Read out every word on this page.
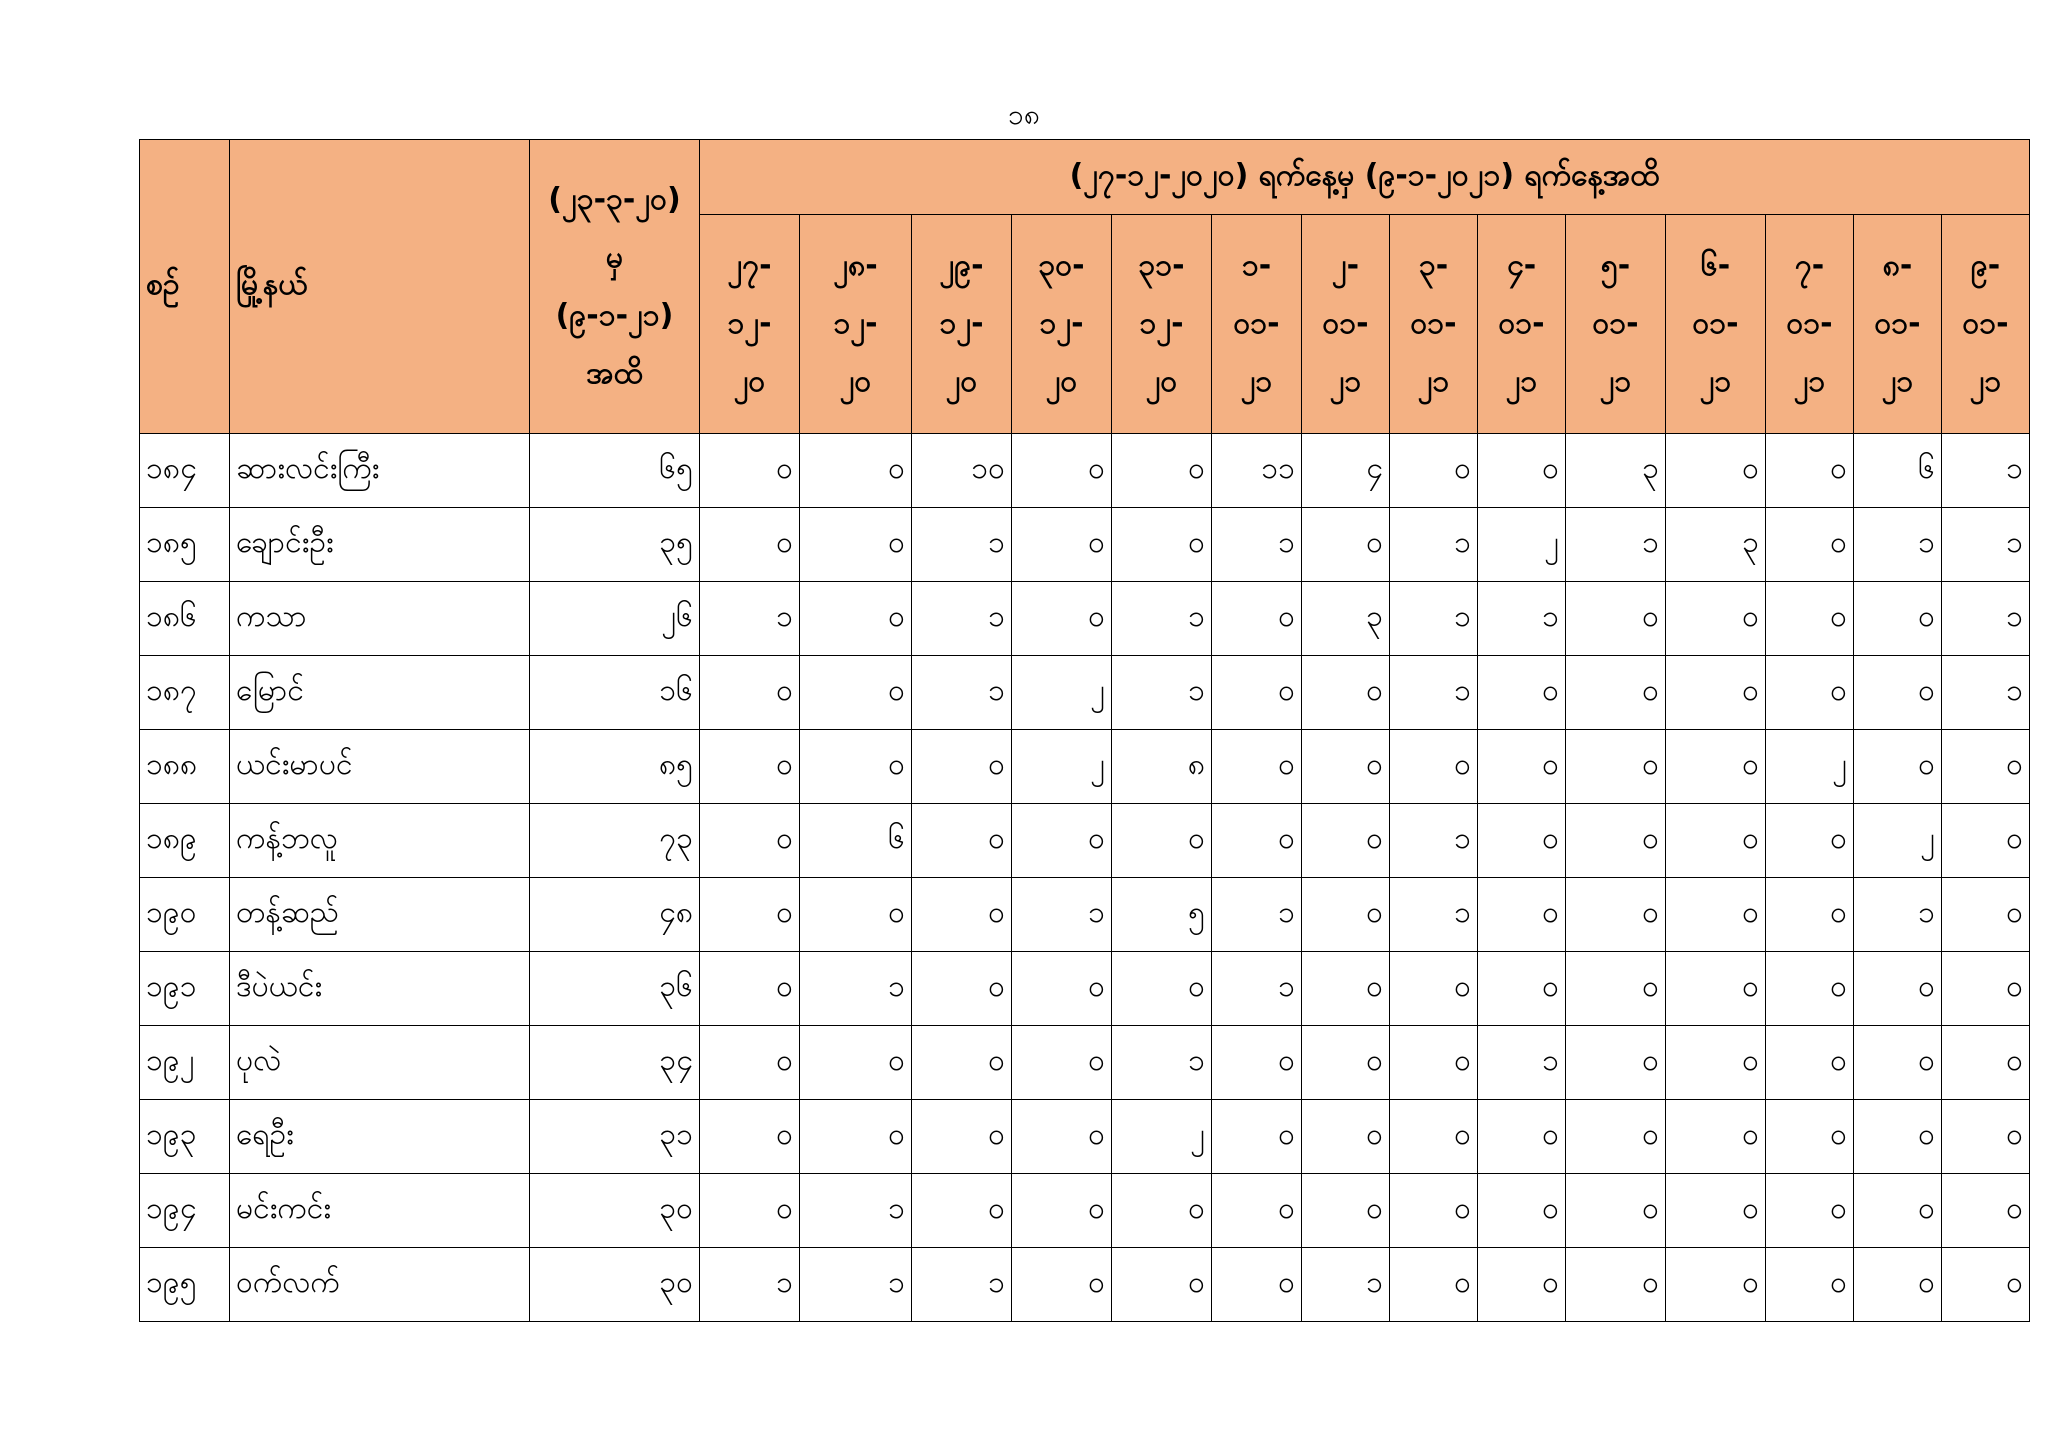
၁၈
စဉ်	မြို့နယ်	(၂၃-၃-၂၀)
မှ
(၉-၁-၂၁)
အထိ	(၂၇-၁၂-၂၀၂၀) ရက်နေ့မှ (၉-၁-၂၀၂၁) ရက်နေ့အထိ													
			၂၇-
၁၂-
၂၀	၂၈-
၁၂-
၂၀	၂၉-
၁၂-
၂၀	၃၀-
၁၂-
၂၀	၃၁-
၁၂-
၂၀	၁-
၀၁-
၂၁	၂-
၀၁-
၂၁	၃-
၀၁-
၂၁	၄-
၀၁-
၂၁	၅-
၀၁-
၂၁	၆-
၀၁-
၂၁	၇-
၀၁-
၂၁	၈-
၀၁-
၂၁	၉-
၀၁-
၂၁
၁၈၄	ဆားလင်းကြီး	၆၅	၀	၀	၁၀	၀	၀	၁၁	၄	၀	၀	၃	၀	၀	၆	၁
၁၈၅	ချောင်းဦး	၃၅	၀	၀	၁	၀	၀	၁	၀	၁	၂	၁	၃	၀	၁	၁
၁၈၆	ကသာ	၂၆	၁	၀	၁	၀	၁	၀	၃	၁	၁	၀	၀	၀	၀	၁
၁၈၇	မြောင်	၁၆	၀	၀	၁	၂	၁	၀	၀	၁	၀	၀	၀	၀	၀	၁
၁၈၈	ယင်းမာပင်	၈၅	၀	၀	၀	၂	၈	၀	၀	၀	၀	၀	၀	၂	၀	၀
၁၈၉	ကန့်ဘလူ	၇၃	၀	၆	၀	၀	၀	၀	၀	၁	၀	၀	၀	၀	၂	၀
၁၉၀	တန့်ဆည်	၄၈	၀	၀	၀	၁	၅	၁	၀	၁	၀	၀	၀	၀	၁	၀
၁၉၁	ဒီပဲယင်း	၃၆	၀	၁	၀	၀	၀	၁	၀	၀	၀	၀	၀	၀	၀	၀
၁၉၂	ပုလဲ	၃၄	၀	၀	၀	၀	၁	၀	၀	၀	၁	၀	၀	၀	၀	၀
၁၉၃	ရေဦး	၃၁	၀	၀	၀	၀	၂	၀	၀	၀	၀	၀	၀	၀	၀	၀
၁၉၄	မင်းကင်း	၃၀	၀	၁	၀	၀	၀	၀	၀	၀	၀	၀	၀	၀	၀	၀
၁၉၅	ဝက်လက်	၃၀	၁	၁	၁	၀	၀	၀	၁	၀	၀	၀	၀	၀	၀	၀
